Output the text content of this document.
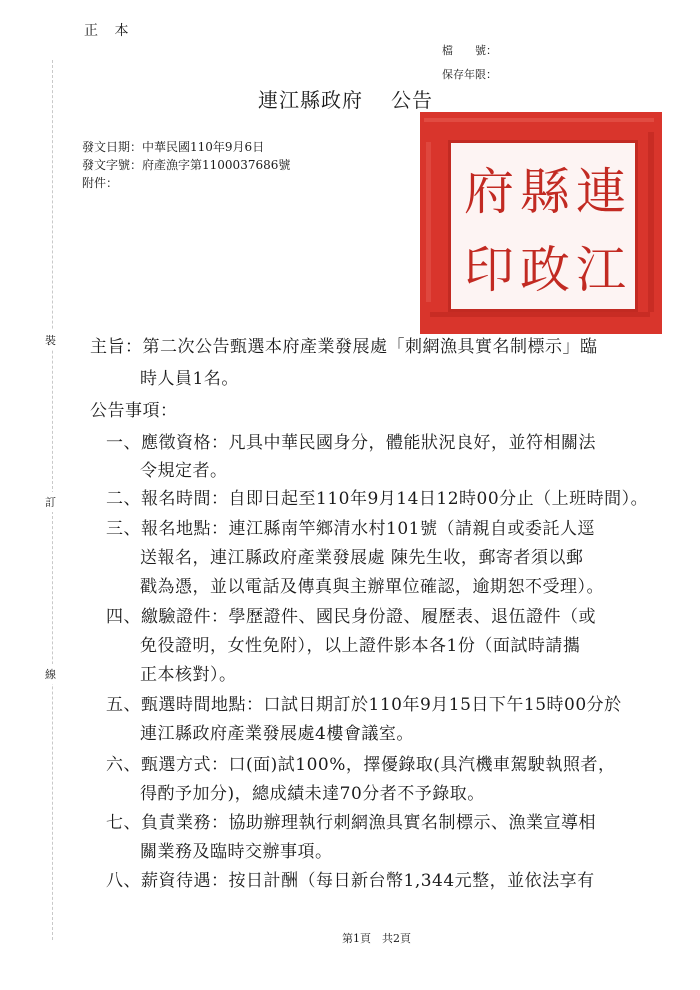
正 本
檔　　號：
保存年限：
連江縣政府 公告
發文日期：中華民國110年9月6日
發文字號：府產漁字第1100037686號
附件：
裝
訂
線
府 縣 連
印 政 江
主旨：第二次公告甄選本府產業發展處「刺網漁具實名制標示」臨
時人員1名。
公告事項：
一、應徵資格：凡具中華民國身分，體能狀況良好，並符相關法
令規定者。
二、報名時間：自即日起至110年9月14日12時00分止（上班時間）。
三、報名地點：連江縣南竿鄉清水村101號（請親自或委託人逕
送報名，連江縣政府產業發展處 陳先生收，郵寄者須以郵
戳為憑，並以電話及傳真與主辦單位確認，逾期恕不受理）。
四、繳驗證件：學歷證件、國民身份證、履歷表、退伍證件（或
免役證明，女性免附），以上證件影本各1份（面試時請攜
正本核對）。
五、甄選時間地點：口試日期訂於110年9月15日下午15時00分於
連江縣政府產業發展處4樓會議室。
六、甄選方式：口(面)試100%，擇優錄取(具汽機車駕駛執照者，
得酌予加分)，總成績未達70分者不予錄取。
七、負責業務：協助辦理執行刺網漁具實名制標示、漁業宣導相
關業務及臨時交辦事項。
八、薪資待遇：按日計酬（每日新台幣1,344元整，並依法享有
第1頁　共2頁
